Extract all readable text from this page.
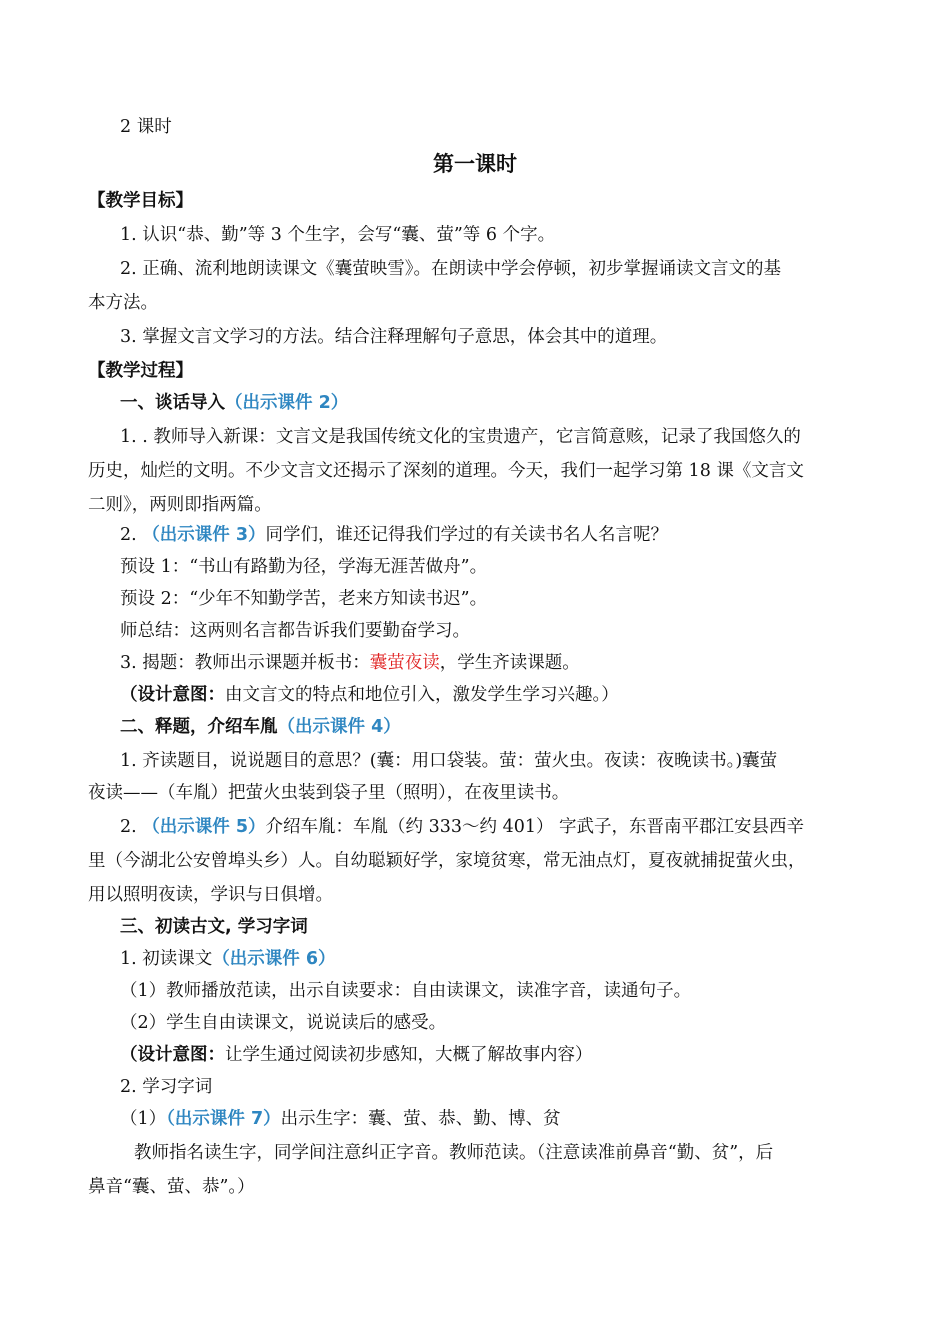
2 课时
第一课时
【教学目标】
1. 认识“恭、勤”等 3 个生字，会写“囊、萤”等 6 个字。
2. 正确、流利地朗读课文《囊萤映雪》。在朗读中学会停顿，初步掌握诵读文言文的基
本方法。
3. 掌握文言文学习的方法。结合注释理解句子意思，体会其中的道理。
【教学过程】
一、谈话导入（出示课件 2）
1. . 教师导入新课：文言文是我国传统文化的宝贵遗产，它言简意赅，记录了我国悠久的
历史，灿烂的文明。不少文言文还揭示了深刻的道理。今天，我们一起学习第 18 课《文言文
二则》，两则即指两篇。
2. （出示课件 3）同学们，谁还记得我们学过的有关读书名人名言呢？
预设 1：“书山有路勤为径，学海无涯苦做舟”。
预设 2：“少年不知勤学苦，老来方知读书迟”。
师总结：这两则名言都告诉我们要勤奋学习。
3. 揭题：教师出示课题并板书：囊萤夜读，学生齐读课题。
（设计意图：由文言文的特点和地位引入，激发学生学习兴趣。）
二、释题，介绍车胤（出示课件 4）
1. 齐读题目，说说题目的意思？(囊：用口袋装。萤：萤火虫。夜读：夜晚读书。)囊萤
夜读——（车胤）把萤火虫装到袋子里（照明），在夜里读书。
2. （出示课件 5）介绍车胤：车胤（约 333～约 401） 字武子，东晋南平郡江安县西辛
里（今湖北公安曾埠头乡）人。自幼聪颖好学，家境贫寒，常无油点灯，夏夜就捕捉萤火虫，
用以照明夜读，学识与日俱增。
三、初读古文, 学习字词
1. 初读课文（出示课件 6）
（1）教师播放范读，出示自读要求：自由读课文，读准字音，读通句子。
（2）学生自由读课文，说说读后的感受。
（设计意图：让学生通过阅读初步感知，大概了解故事内容）
2. 学习字词
（1）（出示课件 7）出示生字：囊、萤、恭、勤、博、贫
教师指名读生字，同学间注意纠正字音。教师范读。（注意读准前鼻音“勤、贫”，后
鼻音“囊、萤、恭”。）
